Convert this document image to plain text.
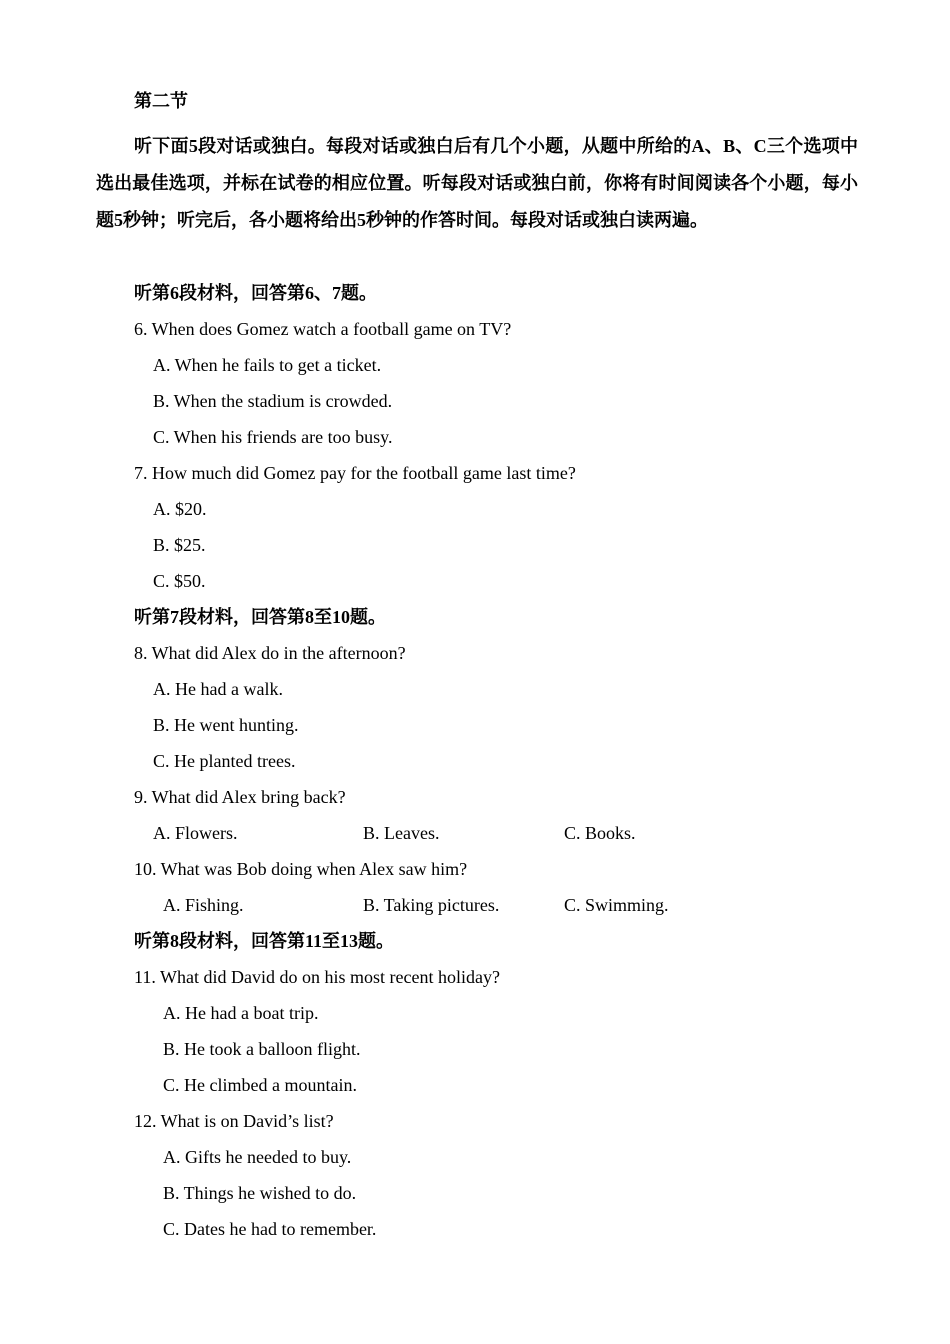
第二节
听下面5段对话或独白。每段对话或独白后有几个小题，从题中所给的A、B、C三个选项中选出最佳选项，并标在试卷的相应位置。听每段对话或独白前，你将有时间阅读各个小题，每小题5秒钟；听完后，各小题将给出5秒钟的作答时间。每段对话或独白读两遍。
听第6段材料，回答第6、7题。
6. When does Gomez watch a football game on TV?
A. When he fails to get a ticket.
B. When the stadium is crowded.
C. When his friends are too busy.
7. How much did Gomez pay for the football game last time?
A. $20.
B. $25.
C. $50.
听第7段材料，回答第8至10题。
8. What did Alex do in the afternoon?
A. He had a walk.
B. He went hunting.
C. He planted trees.
9. What did Alex bring back?
A. Flowers.	B. Leaves.	C. Books.
10. What was Bob doing when Alex saw him?
A. Fishing.	B. Taking pictures.	C. Swimming.
听第8段材料，回答第11至13题。
11. What did David do on his most recent holiday?
A. He had a boat trip.
B. He took a balloon flight.
C. He climbed a mountain.
12. What is on David’s list?
A. Gifts he needed to buy.
B. Things he wished to do.
C. Dates he had to remember.
